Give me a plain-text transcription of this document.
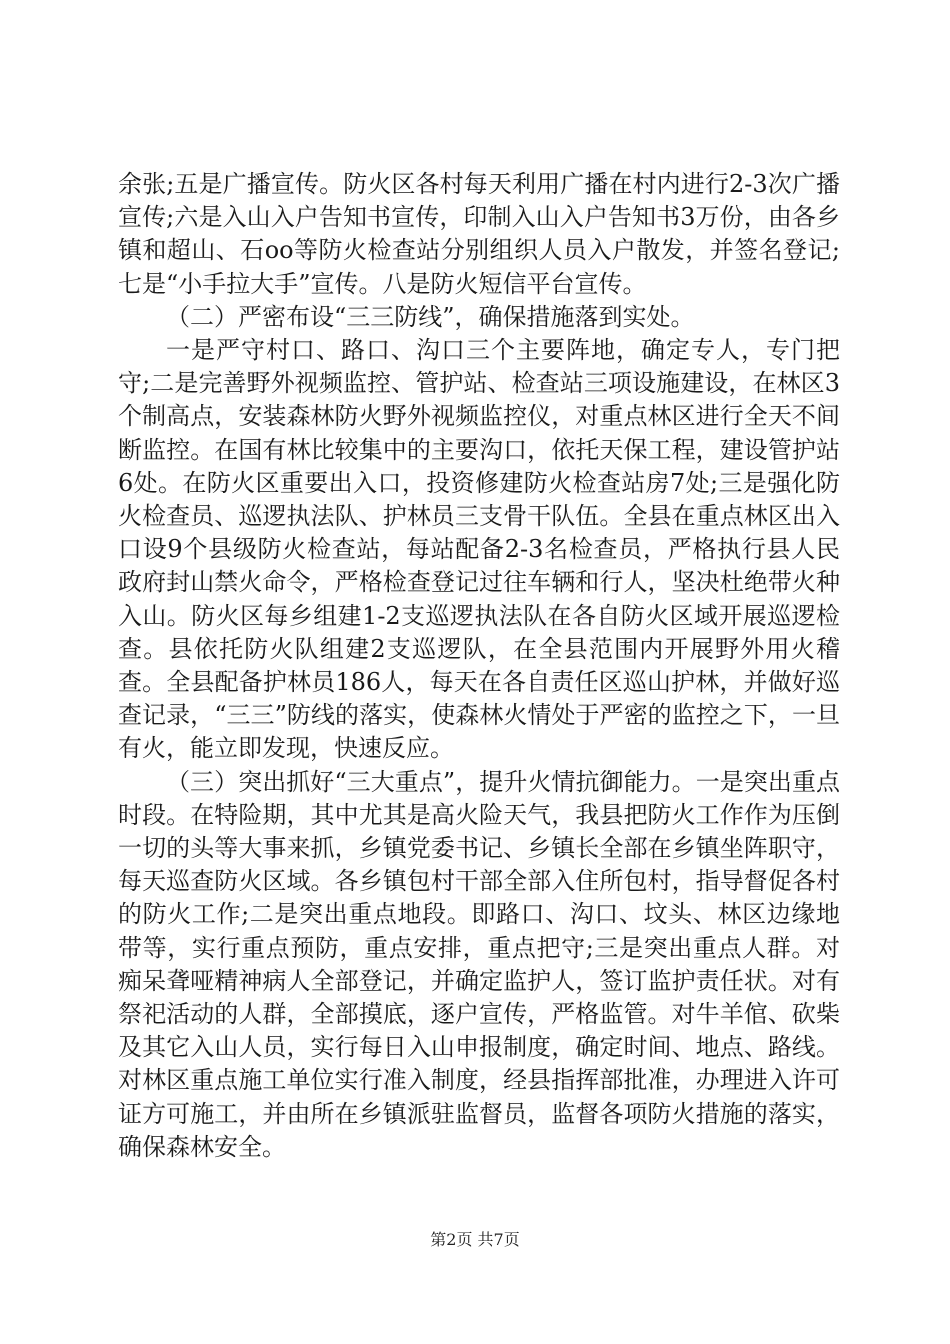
余张;五是广播宣传。防火区各村每天利用广播在村内进行2-3次广播宣传;六是入山入户告知书宣传，印制入山入户告知书3万份，由各乡镇和超山、石oo等防火检查站分别组织人员入户散发，并签名登记;七是“小手拉大手”宣传。八是防火短信平台宣传。

（二）严密布设“三三防线”，确保措施落到实处。

一是严守村口、路口、沟口三个主要阵地，确定专人，专门把守;二是完善野外视频监控、管护站、检查站三项设施建设，在林区3个制高点，安装森林防火野外视频监控仪，对重点林区进行全天不间断监控。在国有林比较集中的主要沟口，依托天保工程，建设管护站6处。在防火区重要出入口，投资修建防火检查站房7处;三是强化防火检查员、巡逻执法队、护林员三支骨干队伍。全县在重点林区出入口设9个县级防火检查站，每站配备2-3名检查员，严格执行县人民政府封山禁火命令，严格检查登记过往车辆和行人，坚决杜绝带火种入山。防火区每乡组建1-2支巡逻执法队在各自防火区域开展巡逻检查。县依托防火队组建2支巡逻队，在全县范围内开展野外用火稽查。全县配备护林员186人，每天在各自责任区巡山护林，并做好巡查记录，“三三”防线的落实，使森林火情处于严密的监控之下，一旦有火，能立即发现，快速反应。

（三）突出抓好“三大重点”，提升火情抗御能力。一是突出重点时段。在特险期，其中尤其是高火险天气，我县把防火工作作为压倒一切的头等大事来抓，乡镇党委书记、乡镇长全部在乡镇坐阵职守，每天巡查防火区域。各乡镇包村干部全部入住所包村，指导督促各村的防火工作;二是突出重点地段。即路口、沟口、坟头、林区边缘地带等，实行重点预防，重点安排，重点把守;三是突出重点人群。对痴呆聋哑精神病人全部登记，并确定监护人，签订监护责任状。对有祭祀活动的人群，全部摸底，逐户宣传，严格监管。对牛羊倌、砍柴及其它入山人员，实行每日入山申报制度，确定时间、地点、路线。对林区重点施工单位实行准入制度，经县指挥部批准，办理进入许可证方可施工，并由所在乡镇派驻监督员，监督各项防火措施的落实，确保森林安全。

第2页 共7页
